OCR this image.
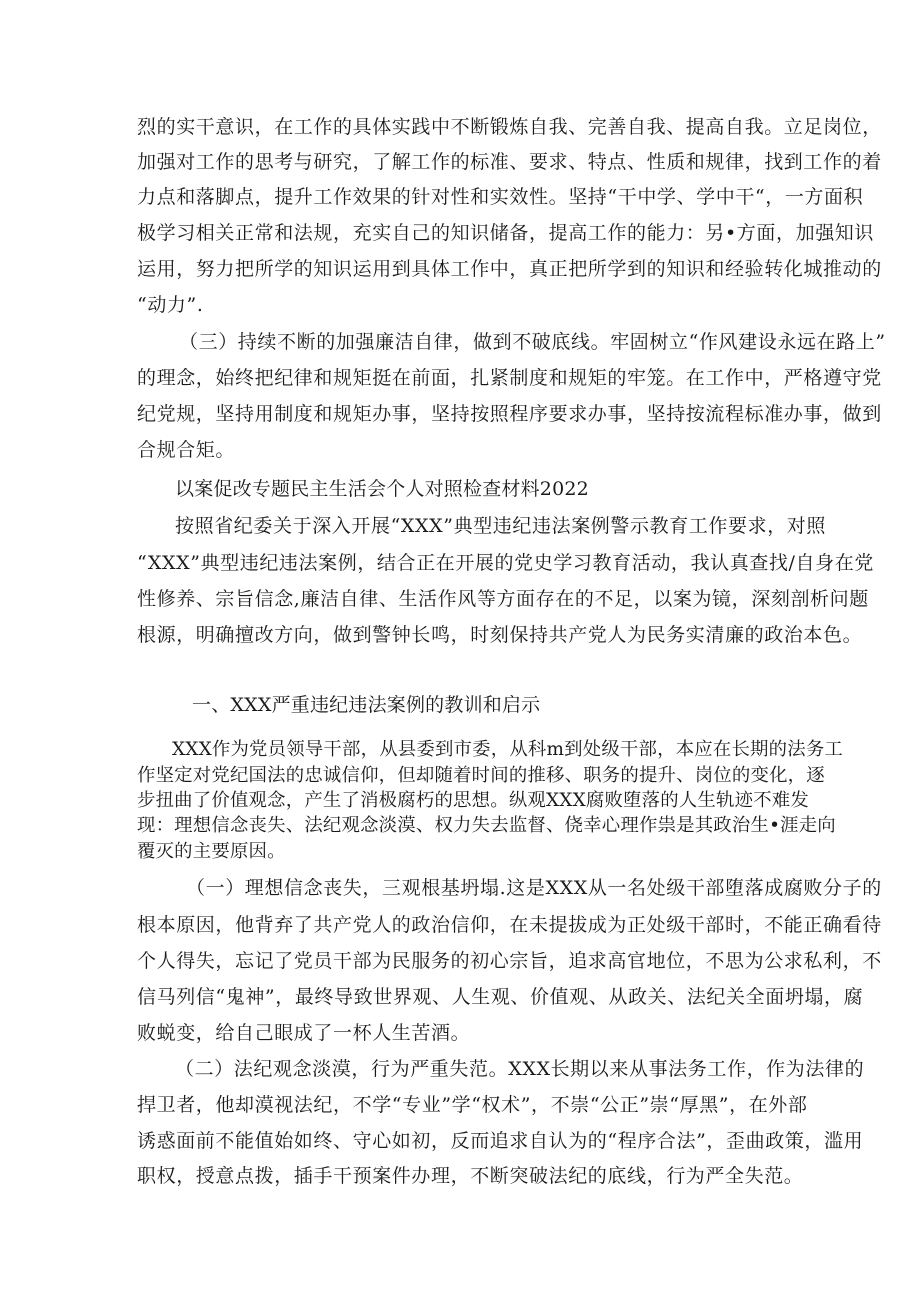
烈的实干意识，在工作的具体实践中不断锻炼自我、完善自我、提高自我。立足岗位，
加强对工作的思考与研究，了解工作的标准、要求、特点、性质和规律，找到工作的着
力点和落脚点，提升工作效果的针对性和实效性。坚持“干中学、学中干“，一方面积
极学习相关正常和法规，充实自己的知识储备，提高工作的能力：另•方面，加强知识
运用，努力把所学的知识运用到具体工作中，真正把所学到的知识和经验转化城推动的
“动力”.
（三）持续不断的加强廉洁自律，做到不破底线。牢固树立“作风建设永远在路上”
的理念，始终把纪律和规矩挺在前面，扎紧制度和规矩的牢笼。在工作中，严格遵守党
纪党规，坚持用制度和规矩办事，坚持按照程序要求办事，坚持按流程标准办事，做到
合规合矩。
以案促改专题民主生活会个人对照检查材料2022
按照省纪委关于深入开展“XXX”典型违纪违法案例警示教育工作要求，对照
“XXX”典型违纪违法案例，结合正在开展的党史学习教育活动，我认真查找/自身在党
性修养、宗旨信念,廉洁自律、生活作风等方面存在的不足，以案为镜，深刻剖析问题
根源，明确擅改方向，做到警钟长鸣，时刻保持共产党人为民务实清廉的政治本色。
一、XXX严重违纪违法案例的教训和启示
XXX作为党员领导干部，从县委到市委，从科m到处级干部，本应在长期的法务工
作坚定对党纪国法的忠诚信仰，但却随着时间的推移、职务的提升、岗位的变化，逐
步扭曲了价值观念，产生了消极腐朽的思想。纵观XXX腐败堕落的人生轨迹不难发
现：理想信念丧失、法纪观念淡漠、权力失去监督、侥幸心理作祟是其政治生•涯走向
覆灭的主要原因。
（一）理想信念丧失，三观根基坍塌.这是XXX从一名处级干部堕落成腐败分子的
根本原因，他背弃了共产党人的政治信仰，在未提拔成为正处级干部时，不能正确看待
个人得失，忘记了党员干部为民服务的初心宗旨，追求高官地位，不思为公求私利，不
信马列信“鬼神”，最终导致世界观、人生观、价值观、从政关、法纪关全面坍塌，腐
败蜕变，给自己眼成了一杯人生苦酒。
（二）法纪观念淡漠，行为严重失范。XXX长期以来从事法务工作，作为法律的
捍卫者，他却漠视法纪，不学“专业”学“权术”，不崇“公正”崇“厚黑”，在外部
诱惑面前不能值始如终、守心如初，反而追求自认为的“程序合法”，歪曲政策，滥用
职权，授意点拨，插手干预案件办理，不断突破法纪的底线，行为严全失范。
